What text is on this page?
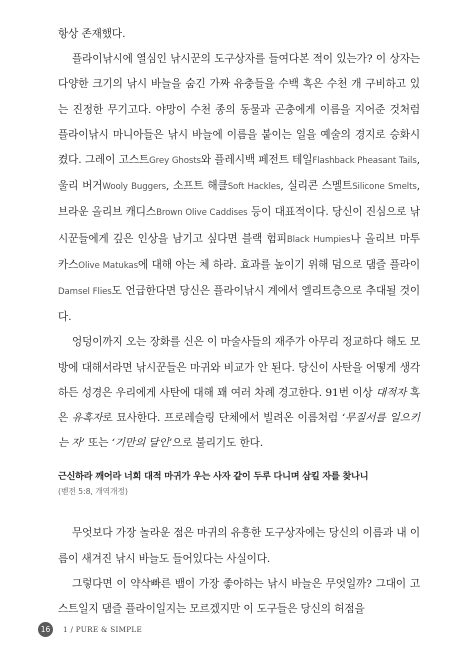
항상 존재했다.

플라이낚시에 열심인 낚시꾼의 도구상자를 들여다본 적이 있는가? 이 상자는 다양한 크기의 낚시 바늘을 숨긴 가짜 유충들을 수백 혹은 수천 개 구비하고 있는 진정한 무기고다. 야망이 수천 종의 동물과 곤충에게 이름을 지어준 것처럼 플라이낚시 마니아들은 낚시 바늘에 이름을 붙이는 일을 예술의 경지로 승화시켰다. 그레이 고스트Grey Ghosts와 플레시백 페전트 테일Flashback Pheasant Tails, 울리 버거Wooly Buggers, 소프트 해클Soft Hackles, 실리콘 스멜트Silicone Smelts, 브라운 올리브 캐디스Brown Olive Caddises 등이 대표적이다. 당신이 진심으로 낚시꾼들에게 깊은 인상을 남기고 싶다면 블랙 험피Black Humpies나 올리브 마투카스Olive Matukas에 대해 아는 체 하라. 효과를 높이기 위해 덤으로 댐즐 플라이Damsel Flies도 언급한다면 당신은 플라이낚시 계에서 엘리트층으로 추대될 것이다.

엉덩이까지 오는 장화를 신은 이 마술사들의 재주가 아무리 정교하다 해도 모방에 대해서라면 낚시꾼들은 마귀와 비교가 안 된다. 당신이 사탄을 어떻게 생각하든 성경은 우리에게 사탄에 대해 꽤 여러 차례 경고한다. 91번 이상 대적자 혹은 유혹자로 묘사한다. 프로레슬링 단체에서 빌려온 이름처럼 ‘무질서를 일으키는 자’ 또는 ‘기만의 달인’으로 불리기도 한다.

근신하라 깨어라 너희 대적 마귀가 우는 사자 같이 두루 다니며 삼킬 자를 찾나니
(벧전 5:8, 개역개정)

무엇보다 가장 놀라운 점은 마귀의 유흥한 도구상자에는 당신의 이름과 내 이름이 새겨진 낚시 바늘도 들어있다는 사실이다.

그렇다면 이 약삭빠른 뱀이 가장 좋아하는 낚시 바늘은 무엇일까? 그대이 고스트일지 댐즐 플라이일지는 모르겠지만 이 도구들은 당신의 허점을

16	1 / PURE & SIMPLE
